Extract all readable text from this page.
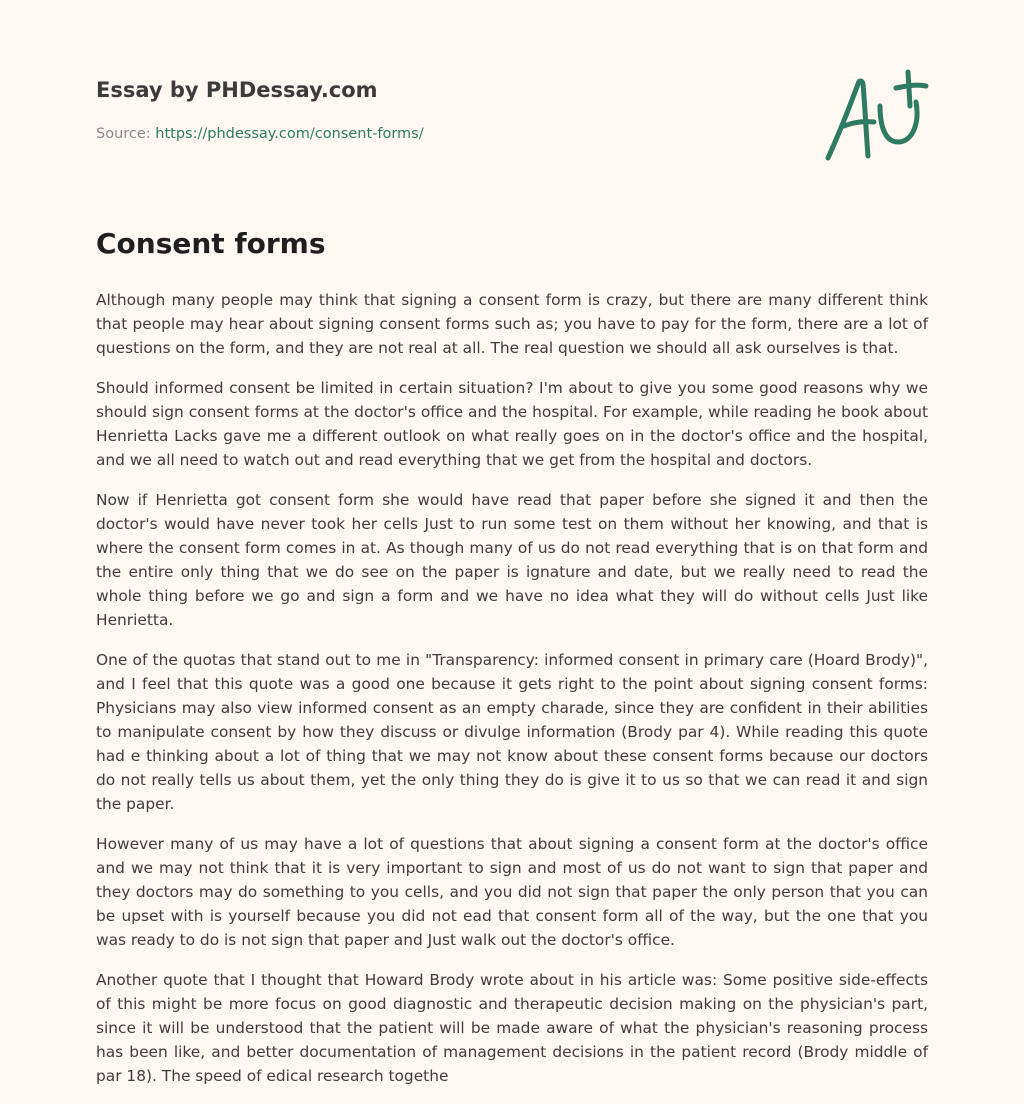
Essay by PHDessay.com
Source: https://phdessay.com/consent-forms/
Consent forms

Although many people may think that signing a consent form is crazy, but there are many different think that people may hear about signing consent forms such as; you have to pay for the form, there are a lot of questions on the form, and they are not real at all. The real question we should all ask ourselves is that.

Should informed consent be limited in certain situation? I'm about to give you some good reasons why we should sign consent forms at the doctor's office and the hospital. For example, while reading he book about Henrietta Lacks gave me a different outlook on what really goes on in the doctor's office and the hospital, and we all need to watch out and read everything that we get from the hospital and doctors.

Now if Henrietta got consent form she would have read that paper before she signed it and then the doctor's would have never took her cells Just to run some test on them without her knowing, and that is where the consent form comes in at. As though many of us do not read everything that is on that form and the entire only thing that we do see on the paper is ignature and date, but we really need to read the whole thing before we go and sign a form and we have no idea what they will do without cells Just like Henrietta.

One of the quotas that stand out to me in "Transparency: informed consent in primary care (Hoard Brody)", and I feel that this quote was a good one because it gets right to the point about signing consent forms: Physicians may also view informed consent as an empty charade, since they are confident in their abilities to manipulate consent by how they discuss or divulge information (Brody par 4). While reading this quote had e thinking about a lot of thing that we may not know about these consent forms because our doctors do not really tells us about them, yet the only thing they do is give it to us so that we can read it and sign the paper.

However many of us may have a lot of questions that about signing a consent form at the doctor's office and we may not think that it is very important to sign and most of us do not want to sign that paper and they doctors may do something to you cells, and you did not sign that paper the only person that you can be upset with is yourself because you did not ead that consent form all of the way, but the one that you was ready to do is not sign that paper and Just walk out the doctor's office.

Another quote that I thought that Howard Brody wrote about in his article was: Some positive side-effects of this might be more focus on good diagnostic and therapeutic decision making on the physician's part, since it will be understood that the patient will be made aware of what the physician's reasoning process has been like, and better documentation of management decisions in the patient record (Brody middle of par 18). The speed of edical research togethe
